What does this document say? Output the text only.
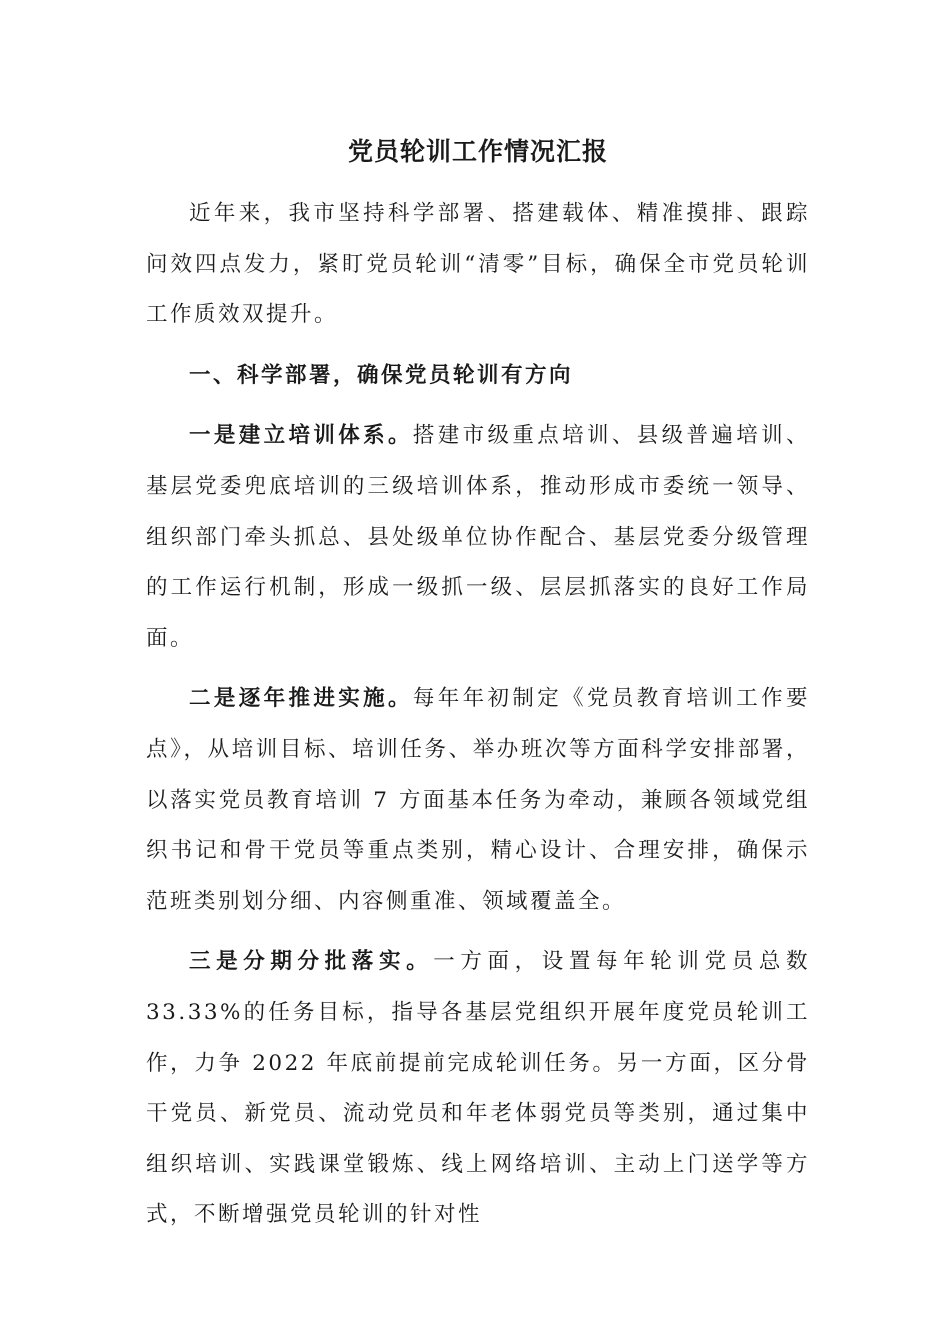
党员轮训工作情况汇报

近年来，我市坚持科学部署、搭建载体、精准摸排、跟踪问效四点发力，紧盯党员轮训“清零”目标，确保全市党员轮训工作质效双提升。

一、科学部署，确保党员轮训有方向

一是建立培训体系。搭建市级重点培训、县级普遍培训、基层党委兜底培训的三级培训体系，推动形成市委统一领导、组织部门牵头抓总、县处级单位协作配合、基层党委分级管理的工作运行机制，形成一级抓一级、层层抓落实的良好工作局面。

二是逐年推进实施。每年年初制定《党员教育培训工作要点》，从培训目标、培训任务、举办班次等方面科学安排部署，以落实党员教育培训 7 方面基本任务为牵动，兼顾各领域党组织书记和骨干党员等重点类别，精心设计、合理安排，确保示范班类别划分细、内容侧重准、领域覆盖全。

三是分期分批落实。一方面，设置每年轮训党员总数 33.33%的任务目标，指导各基层党组织开展年度党员轮训工作，力争 2022 年底前提前完成轮训任务。另一方面，区分骨干党员、新党员、流动党员和年老体弱党员等类别，通过集中组织培训、实践课堂锻炼、线上网络培训、主动上门送学等方式，不断增强党员轮训的针对性
